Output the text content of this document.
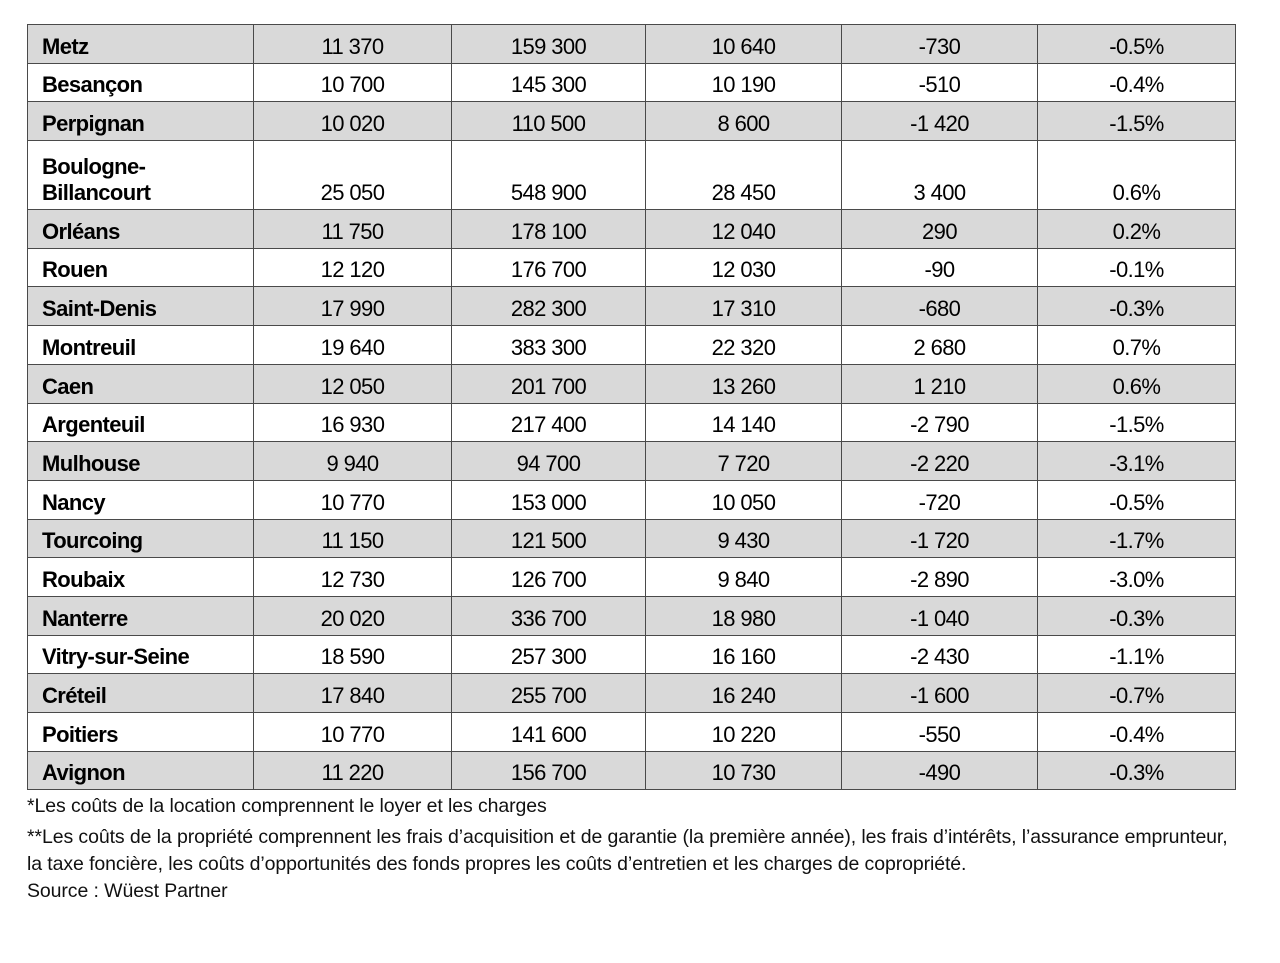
Metz	11 370	159 300	10 640	-730	-0.5%
Besançon	10 700	145 300	10 190	-510	-0.4%
Perpignan	10 020	110 500	8 600	-1 420	-1.5%

Boulogne-
Billancourt	25 050	548 900	28 450	3 400	0.6%
Orléans	11 750	178 100	12 040	290	0.2%
Rouen	12 120	176 700	12 030	-90	-0.1%
Saint-Denis	17 990	282 300	17 310	-680	-0.3%
Montreuil	19 640	383 300	22 320	2 680	0.7%
Caen	12 050	201 700	13 260	1 210	0.6%
Argenteuil	16 930	217 400	14 140	-2 790	-1.5%
Mulhouse	9 940	94 700	7 720	-2 220	-3.1%
Nancy	10 770	153 000	10 050	-720	-0.5%
Tourcoing	11 150	121 500	9 430	-1 720	-1.7%
Roubaix	12 730	126 700	9 840	-2 890	-3.0%
Nanterre	20 020	336 700	18 980	-1 040	-0.3%
Vitry-sur-Seine	18 590	257 300	16 160	-2 430	-1.1%
Créteil	17 840	255 700	16 240	-1 600	-0.7%
Poitiers	10 770	141 600	10 220	-550	-0.4%
Avignon	11 220	156 700	10 730	-490	-0.3%

*Les coûts de la location comprennent le loyer et les charges

**Les coûts de la propriété comprennent les frais d’acquisition et de garantie (la première année), les frais d’intérêts, l’assurance emprunteur, la taxe foncière, les coûts d’opportunités des fonds propres les coûts d’entretien et les charges de copropriété.

Source : Wüest Partner
